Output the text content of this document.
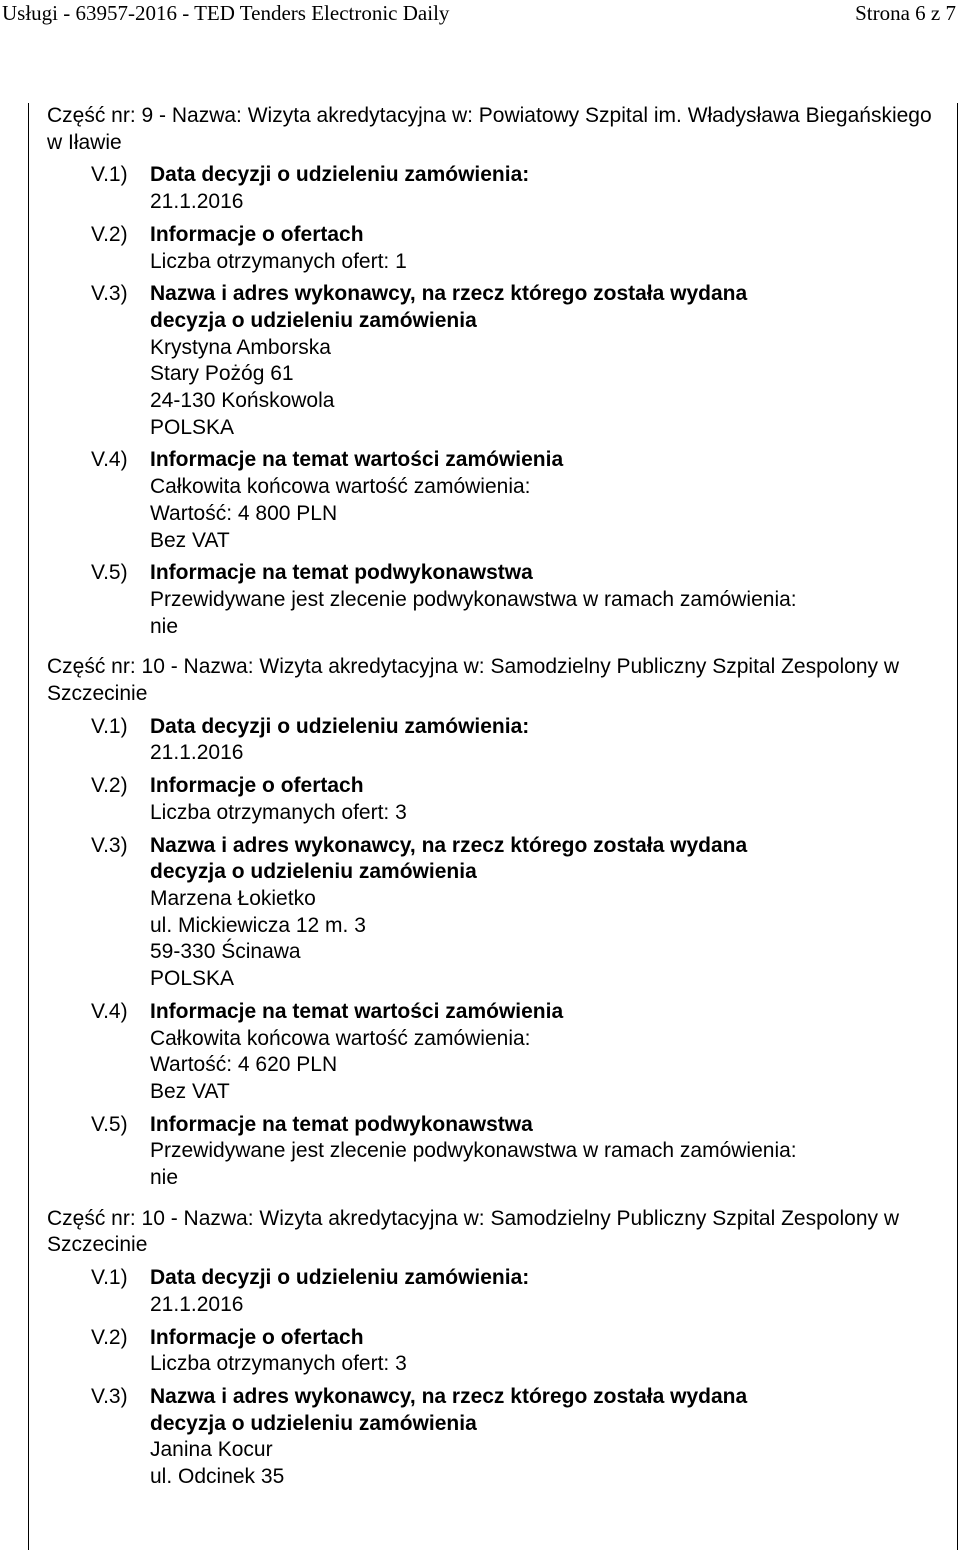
Usługi - 63957-2016 - TED Tenders Electronic Daily	Strona 6 z 7

Część nr: 9 - Nazwa: Wizyta akredytacyjna w: Powiatowy Szpital im. Władysława Biegańskiego w Iławie

V.1) Data decyzji o udzieleniu zamówienia:
21.1.2016
V.2) Informacje o ofertach
Liczba otrzymanych ofert: 1
V.3) Nazwa i adres wykonawcy, na rzecz którego została wydana
decyzja o udzieleniu zamówienia
Krystyna Amborska
Stary Pożóg 61
24-130 Końskowola
POLSKA
V.4) Informacje na temat wartości zamówienia
Całkowita końcowa wartość zamówienia:
Wartość: 4 800 PLN
Bez VAT
V.5) Informacje na temat podwykonawstwa
Przewidywane jest zlecenie podwykonawstwa w ramach zamówienia:
nie

Część nr: 10 - Nazwa: Wizyta akredytacyjna w: Samodzielny Publiczny Szpital Zespolony w Szczecinie

V.1) Data decyzji o udzieleniu zamówienia:
21.1.2016
V.2) Informacje o ofertach
Liczba otrzymanych ofert: 3
V.3) Nazwa i adres wykonawcy, na rzecz którego została wydana
decyzja o udzieleniu zamówienia
Marzena Łokietko
ul. Mickiewicza 12 m. 3
59-330 Ścinawa
POLSKA
V.4) Informacje na temat wartości zamówienia
Całkowita końcowa wartość zamówienia:
Wartość: 4 620 PLN
Bez VAT
V.5) Informacje na temat podwykonawstwa
Przewidywane jest zlecenie podwykonawstwa w ramach zamówienia:
nie

Część nr: 10 - Nazwa: Wizyta akredytacyjna w: Samodzielny Publiczny Szpital Zespolony w Szczecinie

V.1) Data decyzji o udzieleniu zamówienia:
21.1.2016
V.2) Informacje o ofertach
Liczba otrzymanych ofert: 3
V.3) Nazwa i adres wykonawcy, na rzecz którego została wydana
decyzja o udzieleniu zamówienia
Janina Kocur
ul. Odcinek 35
